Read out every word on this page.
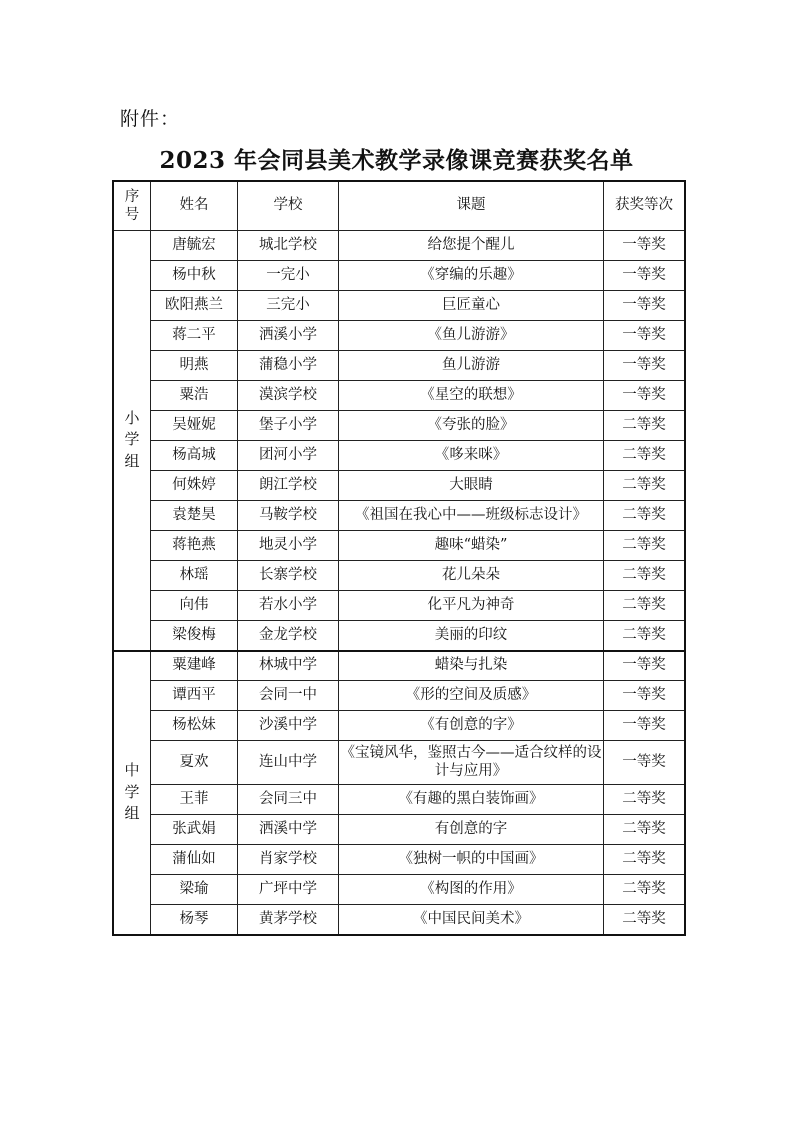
附件：
2023 年会同县美术教学录像课竞赛获奖名单
序号	姓名	学校	课题	获奖等次
小学组	唐毓宏	城北学校	给您提个醒儿	一等奖
	杨中秋	一完小	《穿编的乐趣》	一等奖
	欧阳燕兰	三完小	巨匠童心	一等奖
	蒋二平	洒溪小学	《鱼儿游游》	一等奖
	明燕	蒲稳小学	鱼儿游游	一等奖
	粟浩	漠滨学校	《星空的联想》	一等奖
	吴娅妮	堡子小学	《夸张的脸》	二等奖
	杨高城	团河小学	《哆来咪》	二等奖
	何姝婷	朗江学校	大眼睛	二等奖
	袁楚昊	马鞍学校	《祖国在我心中——班级标志设计》	二等奖
	蒋艳燕	地灵小学	趣味“蜡染”	二等奖
	林瑶	长寨学校	花儿朵朵	二等奖
	向伟	若水小学	化平凡为神奇	二等奖
	梁俊梅	金龙学校	美丽的印纹	二等奖
中学组	粟建峰	林城中学	蜡染与扎染	一等奖
	谭西平	会同一中	《形的空间及质感》	一等奖
	杨松妹	沙溪中学	《有创意的字》	一等奖
	夏欢	连山中学	《宝镜风华，鉴照古今——适合纹样的设计与应用》	一等奖
	王菲	会同三中	《有趣的黑白装饰画》	二等奖
	张武娟	洒溪中学	有创意的字	二等奖
	蒲仙如	肖家学校	《独树一帜的中国画》	二等奖
	梁瑜	广坪中学	《构图的作用》	二等奖
	杨琴	黄茅学校	《中国民间美术》	二等奖
